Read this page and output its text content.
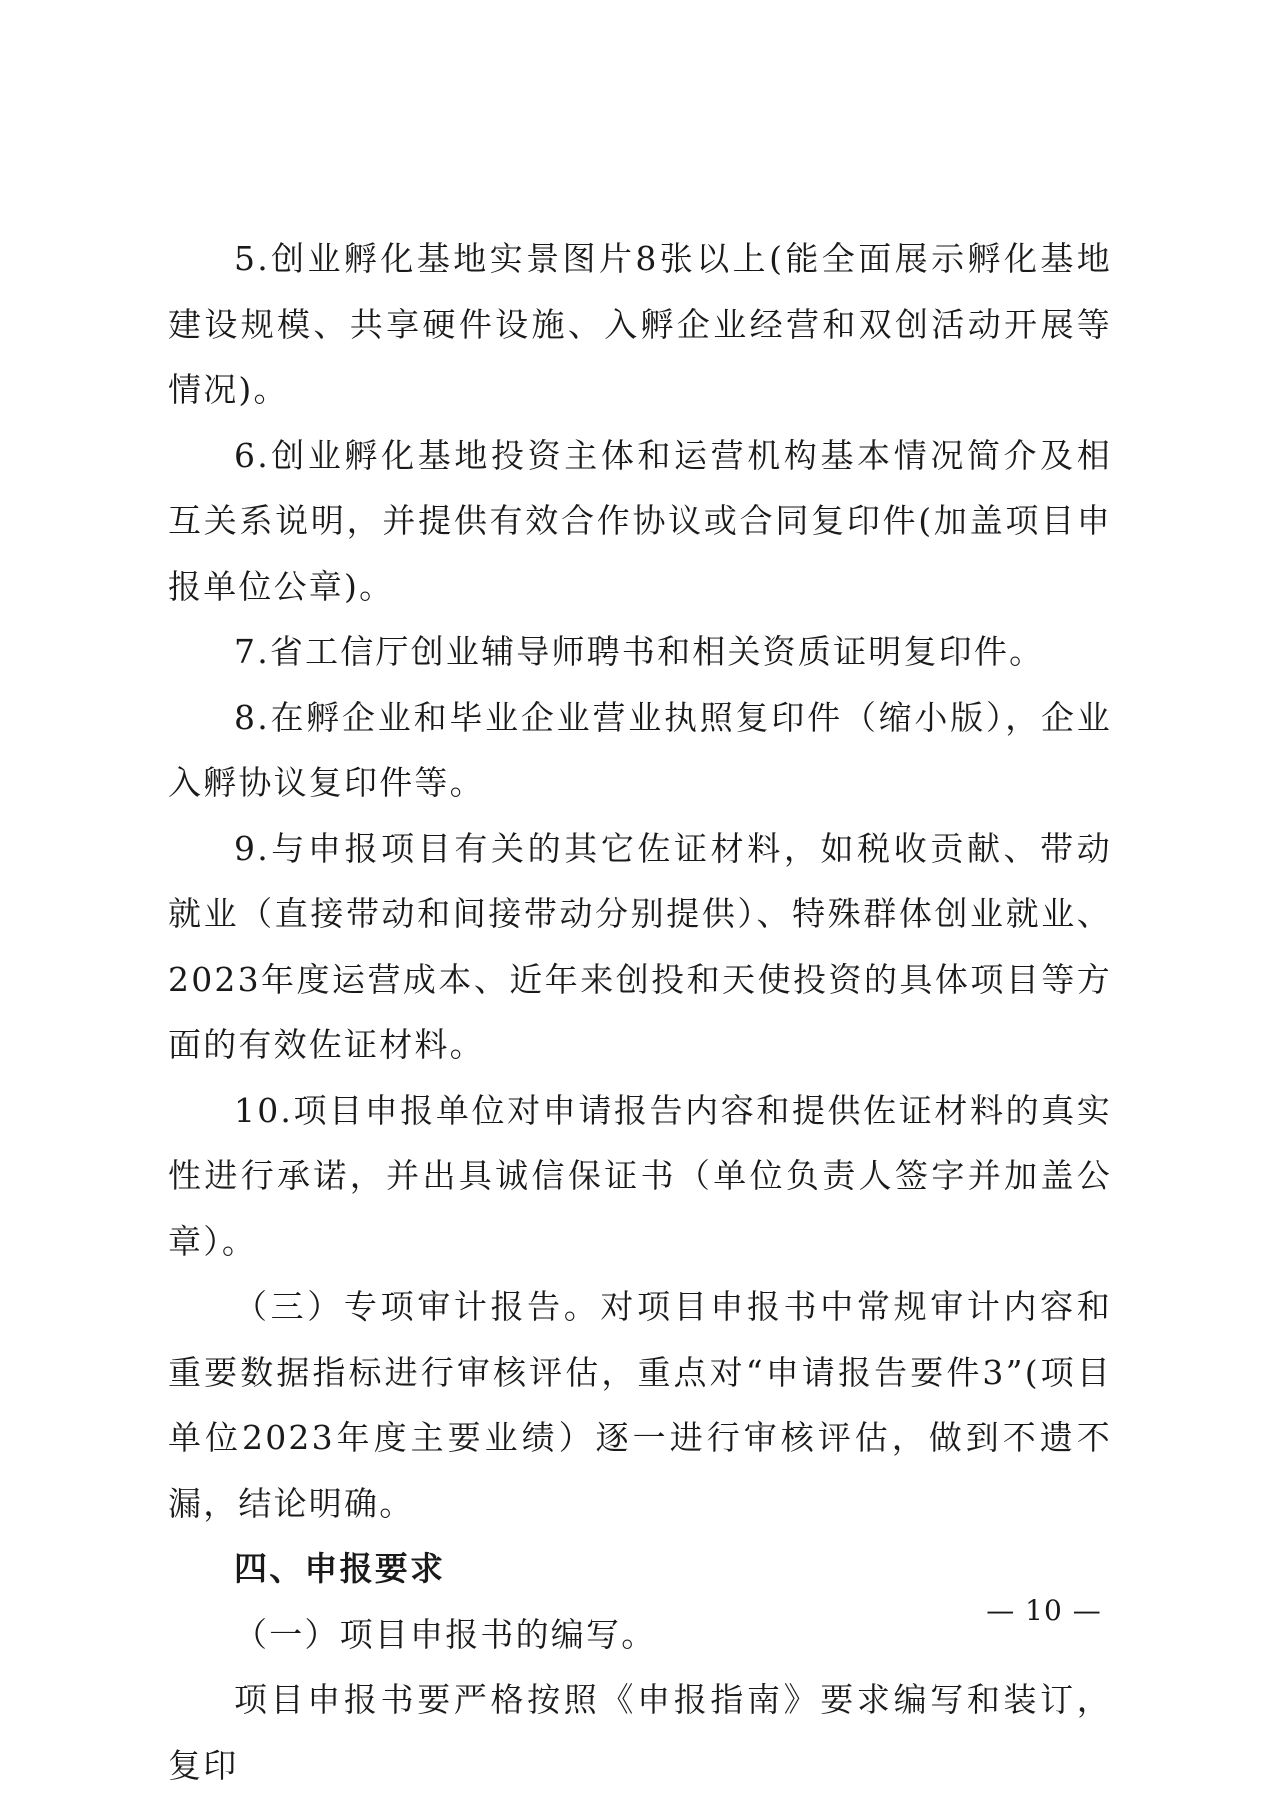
5.创业孵化基地实景图片8张以上(能全面展示孵化基地建设规模、共享硬件设施、入孵企业经营和双创活动开展等情况)。

6.创业孵化基地投资主体和运营机构基本情况简介及相互关系说明，并提供有效合作协议或合同复印件(加盖项目申报单位公章)。

7.省工信厅创业辅导师聘书和相关资质证明复印件。

8.在孵企业和毕业企业营业执照复印件（缩小版），企业入孵协议复印件等。

9.与申报项目有关的其它佐证材料，如税收贡献、带动就业（直接带动和间接带动分别提供）、特殊群体创业就业、2023年度运营成本、近年来创投和天使投资的具体项目等方面的有效佐证材料。

10.项目申报单位对申请报告内容和提供佐证材料的真实性进行承诺，并出具诚信保证书（单位负责人签字并加盖公章）。

（三）专项审计报告。对项目申报书中常规审计内容和重要数据指标进行审核评估，重点对“申请报告要件3”(项目单位2023年度主要业绩）逐一进行审核评估，做到不遗不漏，结论明确。

四、申报要求

（一）项目申报书的编写。

项目申报书要严格按照《申报指南》要求编写和装订，复印

— 10 —
